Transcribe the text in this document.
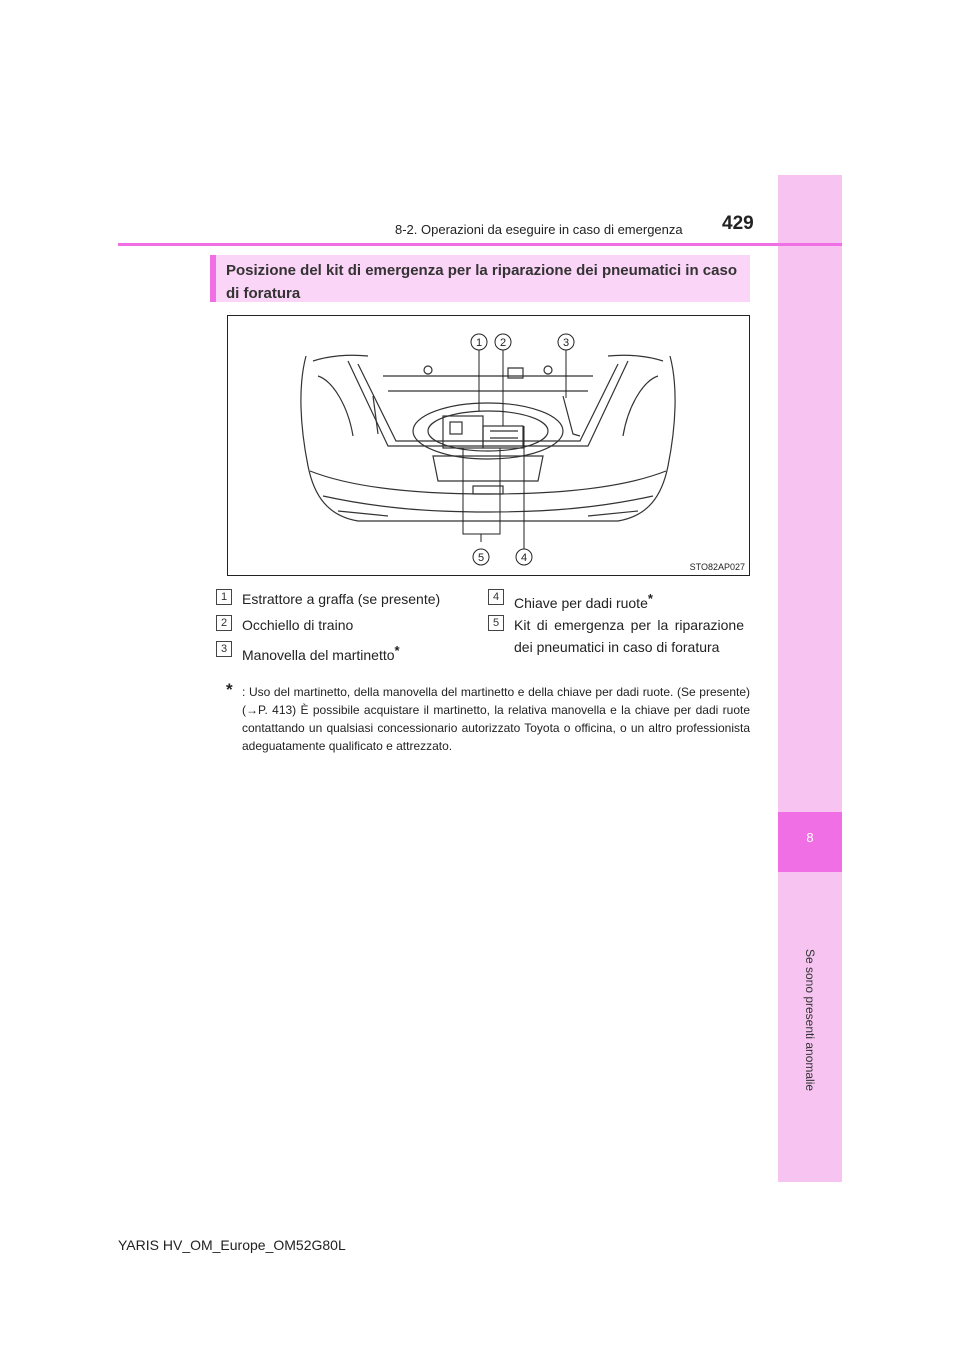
8
Se sono presenti anomalie
8-2. Operazioni da eseguire in caso di emergenza 429
Posizione del kit di emergenza per la riparazione dei pneumatici in caso
di foratura
1 2	3
5	4
STO82AP027
1	Estrattore a graffa (se presente)
2	Occhiello di traino
3	Manovella del martinetto*
4	Chiave per dadi ruote*
5	Kit di emergenza per la riparazione dei pneumatici in caso di foratura
* : Uso del martinetto, della manovella del martinetto e della chiave per dadi ruote. (Se presente) (→P. 413) È possibile acquistare il martinetto, la relativa manovella e la chiave per dadi ruote contattando un qualsiasi concessionario autorizzato Toyota o officina, o un altro professionista adeguatamente qualificato e attrezzato.
YARIS HV_OM_Europe_OM52G80L
